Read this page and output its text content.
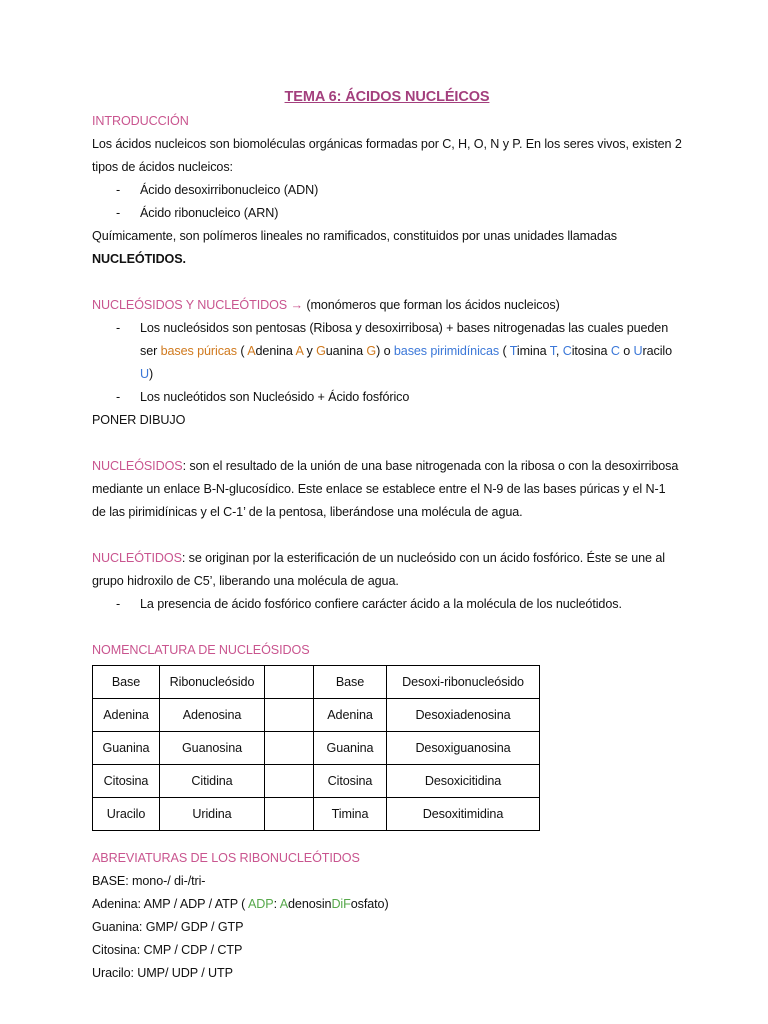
TEMA 6: ÁCIDOS NUCLÉICOS
INTRODUCCIÓN

Los ácidos nucleicos son biomoléculas orgánicas formadas por C, H, O, N y P. En los seres vivos, existen 2 tipos de ácidos nucleicos:

- Ácido desoxirribonucleico (ADN)
- Ácido ribonucleico (ARN)

Químicamente, son polímeros lineales no ramificados, constituidos por unas unidades llamadas NUCLEÓTIDOS.

NUCLEÓSIDOS Y NUCLEÓTIDOS → (monómeros que forman los ácidos nucleicos)
- Los nucleósidos son pentosas (Ribosa y desoxirribosa) + bases nitrogenadas las cuales pueden ser bases púricas ( Adenina A y Guanina G) o bases pirimidínicas ( Timina T, Citosina C o Uracilo U)
- Los nucleótidos son Nucleósido + Ácido fosfórico
PONER DIBUJO

NUCLEÓSIDOS: son el resultado de la unión de una base nitrogenada con la ribosa o con la desoxirribosa mediante un enlace B-N-glucosídico. Este enlace se establece entre el N-9 de las bases púricas y el N-1 de las pirimidínicas y el C-1’ de la pentosa, liberándose una molécula de agua.

NUCLEÓTIDOS: se originan por la esterificación de un nucleósido con un ácido fosfórico. Éste se une al grupo hidroxilo de C5’, liberando una molécula de agua.

- La presencia de ácido fosfórico confiere carácter ácido a la molécula de los nucleótidos.
NOMENCLATURA DE NUCLEÓSIDOS
Base	Ribonucleósido		Base	Desoxi-ribonucleósido
Adenina	Adenosina		Adenina	Desoxiadenosina
Guanina	Guanosina		Guanina	Desoxiguanosina
Citosina	Citidina		Citosina	Desoxicitidina
Uracilo	Uridina		Timina	Desoxitimidina
ABREVIATURAS DE LOS RIBONUCLEÓTIDOS
BASE: mono-/ di-/tri-
Adenina: AMP / ADP / ATP ( ADP: AdenosinDiFosfato)
Guanina: GMP/ GDP / GTP
Citosina: CMP / CDP / CTP
Uracilo: UMP/ UDP / UTP
